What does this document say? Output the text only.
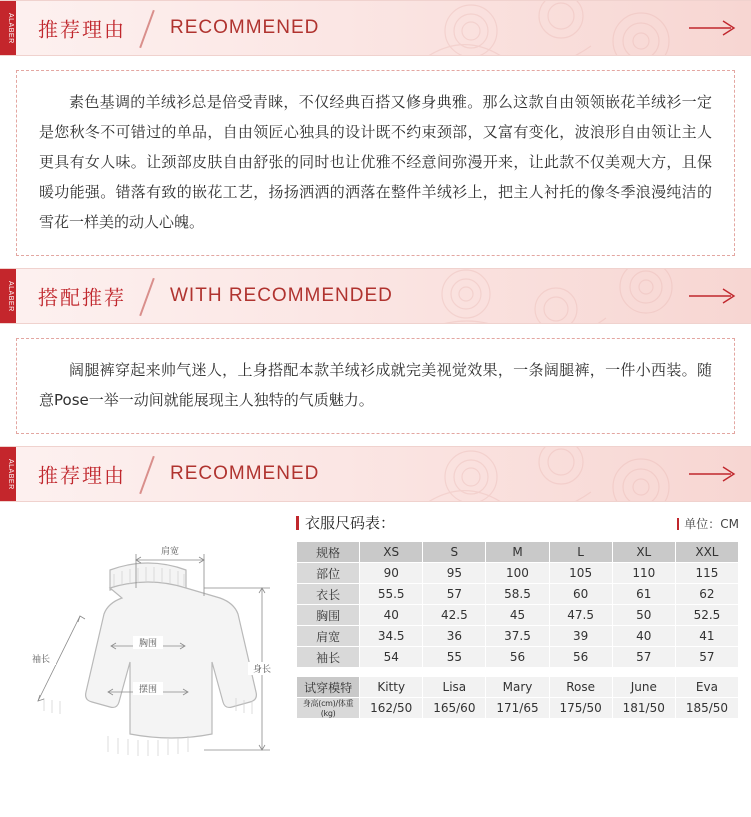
ALABER 推荐理由 RECOMMENED

素色基调的羊绒衫总是倍受青睐，不仅经典百搭又修身典雅。那么这款自由领领嵌花羊绒衫一定是您秋冬不可错过的单品，自由领匠心独具的设计既不约束颈部，又富有变化，波浪形自由领让主人更具有女人味。让颈部皮肤自由舒张的同时也让优雅不经意间弥漫开来，让此款不仅美观大方，且保暖功能强。错落有致的嵌花工艺，扬扬洒洒的洒落在整件羊绒衫上，把主人衬托的像冬季浪漫纯洁的雪花一样美的动人心魄。

ALABER 搭配推荐 WITH RECOMMENDED

阔腿裤穿起来帅气迷人，上身搭配本款羊绒衫成就完美视觉效果，一条阔腿裤，一件小西装。随意Pose一举一动间就能展现主人独特的气质魅力。

ALABER 推荐理由 RECOMMENED
肩宽
身长
袖长
胸围
摆围
衣服尺码表：	单位：CM
规格	XS	S	M	L	XL	XXL
部位	90	95	100	105	110	115
衣长	55.5	57	58.5	60	61	62
胸围	40	42.5	45	47.5	50	52.5
肩宽	34.5	36	37.5	39	40	41
袖长	54	55	56	56	57	57

试穿模特	Kitty	Lisa	Mary	Rose	June	Eva
身高(cm)/体重(kg)	162/50	165/60	171/65	175/50	181/50	185/50
